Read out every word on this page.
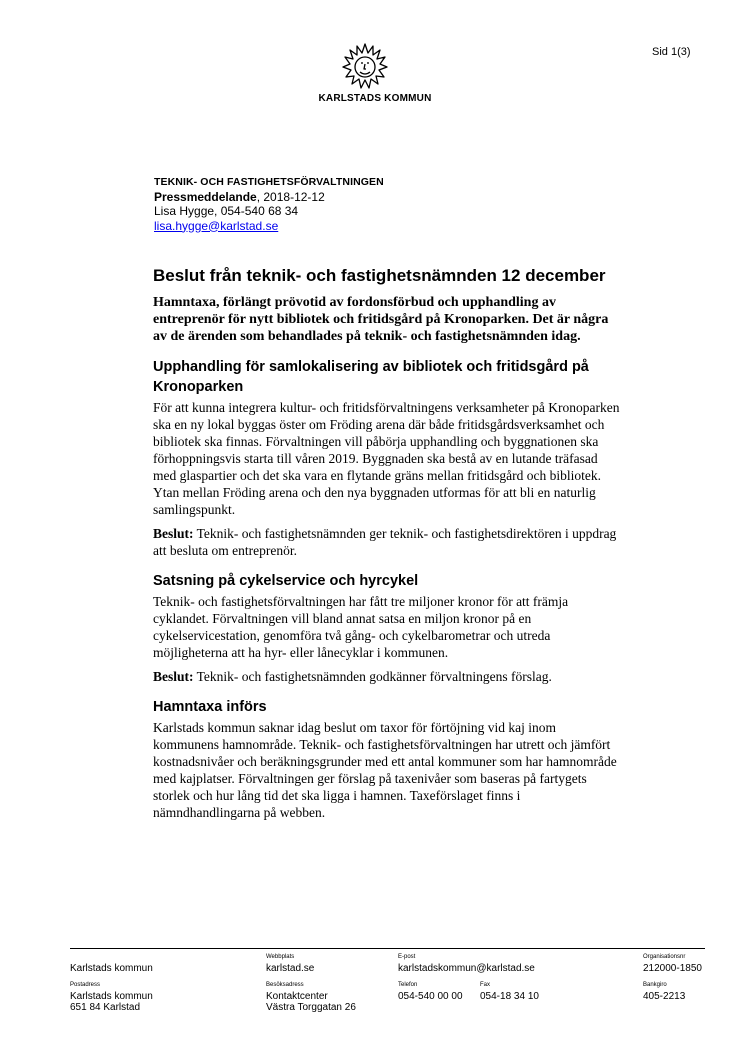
Sid 1(3)
KARLSTADS KOMMUN
TEKNIK- OCH FASTIGHETSFÖRVALTNINGEN
Pressmeddelande, 2018-12-12
Lisa Hygge, 054-540 68 34
lisa.hygge@karlstad.se
Beslut från teknik- och fastighetsnämnden 12 december

Hamntaxa, förlängt prövotid av fordonsförbud och upphandling av entreprenör för nytt bibliotek och fritidsgård på Kronoparken. Det är några av de ärenden som behandlades på teknik- och fastighetsnämnden idag.

Upphandling för samlokalisering av bibliotek och fritidsgård på Kronoparken

För att kunna integrera kultur- och fritidsförvaltningens verksamheter på Kronoparken ska en ny lokal byggas öster om Fröding arena där både fritidsgårdsverksamhet och bibliotek ska finnas. Förvaltningen vill påbörja upphandling och byggnationen ska förhoppningsvis starta till våren 2019. Byggnaden ska bestå av en lutande träfasad med glaspartier och det ska vara en flytande gräns mellan fritidsgård och bibliotek. Ytan mellan Fröding arena och den nya byggnaden utformas för att bli en naturlig samlingspunkt.

Beslut: Teknik- och fastighetsnämnden ger teknik- och fastighetsdirektören i uppdrag att besluta om entreprenör.

Satsning på cykelservice och hyrcykel

Teknik- och fastighetsförvaltningen har fått tre miljoner kronor för att främja cyklandet. Förvaltningen vill bland annat satsa en miljon kronor på en cykelservicestation, genomföra två gång- och cykelbarometrar och utreda möjligheterna att ha hyr- eller lånecyklar i kommunen.

Beslut: Teknik- och fastighetsnämnden godkänner förvaltningens förslag.

Hamntaxa införs

Karlstads kommun saknar idag beslut om taxor för förtöjning vid kaj inom kommunens hamnområde. Teknik- och fastighetsförvaltningen har utrett och jämfört kostnadsnivåer och beräkningsgrunder med ett antal kommuner som har hamnområde med kajplatser. Förvaltningen ger förslag på taxenivåer som baseras på fartygets storlek och hur lång tid det ska ligga i hamnen. Taxeförslaget finns i nämndhandlingarna på webben.

Karlstads kommun
Webbplats
karlstad.se
E-post
karlstadskommun@karlstad.se
Organisationsnr
212000-1850
Postadress
Karlstads kommun
651 84 Karlstad
Besöksadress
Kontaktcenter
Västra Torggatan 26
Telefon
054-540 00 00
Fax
054-18 34 10
Bankgiro
405-2213
